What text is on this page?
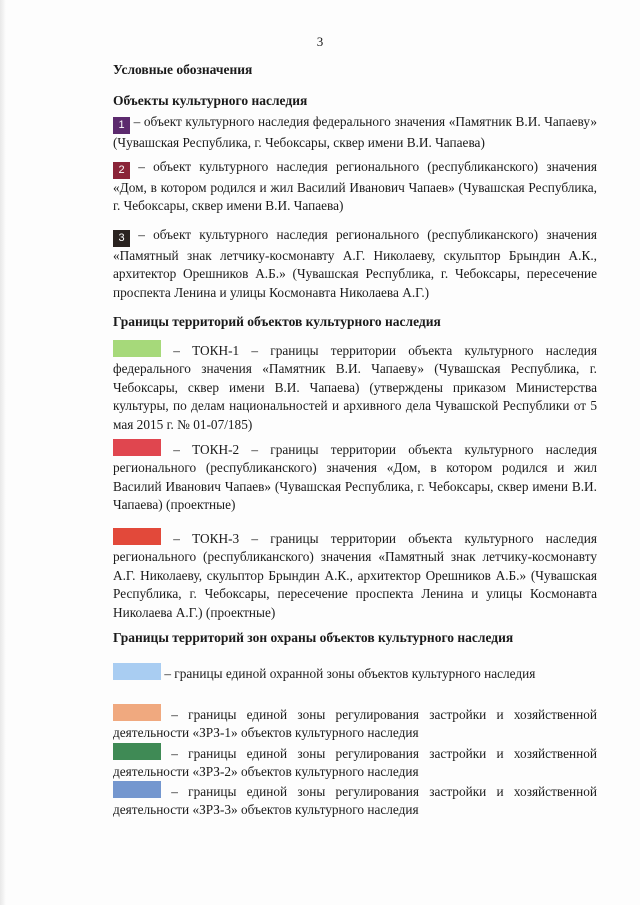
3
Условные обозначения
Объекты культурного наследия
1 – объект культурного наследия федерального значения «Памятник В.И. Чапаеву» (Чувашская Республика, г. Чебоксары, сквер имени В.И. Чапаева)
2 – объект культурного наследия регионального (республиканского) значения «Дом, в котором родился и жил Василий Иванович Чапаев» (Чувашская Республика, г. Чебоксары, сквер имени В.И. Чапаева)
3 – объект культурного наследия регионального (республиканского) значения «Памятный знак летчику-космонавту А.Г. Николаеву, скульптор Брындин А.К., архитектор Орешников А.Б.» (Чувашская Республика, г. Чебоксары, пересечение проспекта Ленина и улицы Космонавта Николаева А.Г.)
Границы территорий объектов культурного наследия
– ТОКН-1 – границы территории объекта культурного наследия федерального значения «Памятник В.И. Чапаеву» (Чувашская Республика, г. Чебоксары, сквер имени В.И. Чапаева) (утверждены приказом Министерства культуры, по делам национальностей и архивного дела Чувашской Республики от 5 мая 2015 г. № 01-07/185)
– ТОКН-2 – границы территории объекта культурного наследия регионального (республиканского) значения «Дом, в котором родился и жил Василий Иванович Чапаев» (Чувашская Республика, г. Чебоксары, сквер имени В.И. Чапаева) (проектные)
– ТОКН-3 – границы территории объекта культурного наследия регионального (республиканского) значения «Памятный знак летчику-космонавту А.Г. Николаеву, скульптор Брындин А.К., архитектор Орешников А.Б.» (Чувашская Республика, г. Чебоксары, пересечение проспекта Ленина и улицы Космонавта Николаева А.Г.) (проектные)
Границы территорий зон охраны объектов культурного наследия
– границы единой охранной зоны объектов культурного наследия
– границы единой зоны регулирования застройки и хозяйственной деятельности «ЗРЗ-1» объектов культурного наследия
– границы единой зоны регулирования застройки и хозяйственной деятельности «ЗРЗ-2» объектов культурного наследия
– границы единой зоны регулирования застройки и хозяйственной деятельности «ЗРЗ-3» объектов культурного наследия
